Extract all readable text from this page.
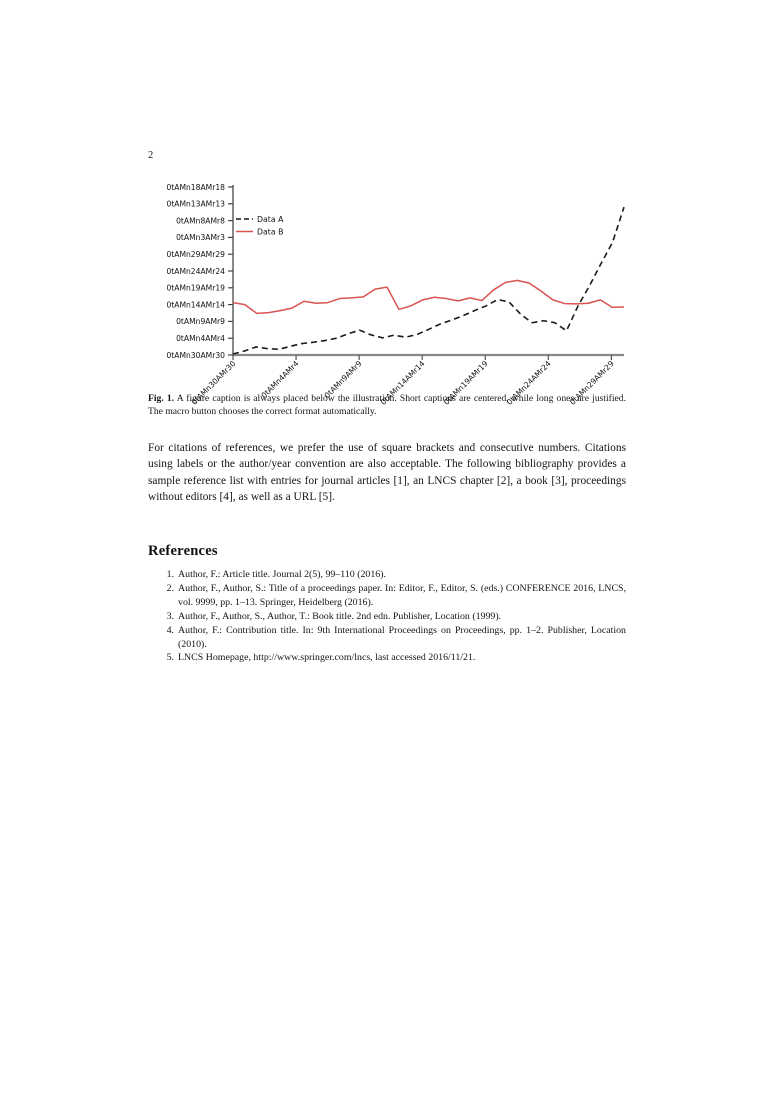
2
0tAMn18AMr18
0tAMn13AMr13
0tAMn8AMr8
0tAMn3AMr3
0tAMn29AMr29
0tAMn24AMr24
0tAMn19AMr19
0tAMn14AMr14
0tAMn9AMr9
0tAMn4AMr4
0tAMn30AMr30
0tAMn30AMr30	0tAMn4AMr4	0tAMn9AMr9 0tAMn14AMr14 0tAMn19AMr19 0tAMn24AMr24 0tAMn29AMr29
Data A
Data B
Fig. 1. A figure caption is always placed below the illustration. Short captions are centered, while long ones are justified. The macro button chooses the correct format automatically.
For citations of references, we prefer the use of square brackets and consecutive numbers. Citations using labels or the author/year convention are also acceptable. The following bibliography provides a sample reference list with entries for journal articles [1], an LNCS chapter [2], a book [3], proceedings without editors [4], as well as a URL [5].
References
1. Author, F.: Article title. Journal 2(5), 99–110 (2016).
2. Author, F., Author, S.: Title of a proceedings paper. In: Editor, F., Editor, S. (eds.) CONFERENCE 2016, LNCS, vol. 9999, pp. 1–13. Springer, Heidelberg (2016).
3. Author, F., Author, S., Author, T.: Book title. 2nd edn. Publisher, Location (1999).
4. Author, F.: Contribution title. In: 9th International Proceedings on Proceedings, pp. 1–2. Publisher, Location (2010).
5. LNCS Homepage, http://www.springer.com/lncs, last accessed 2016/11/21.
